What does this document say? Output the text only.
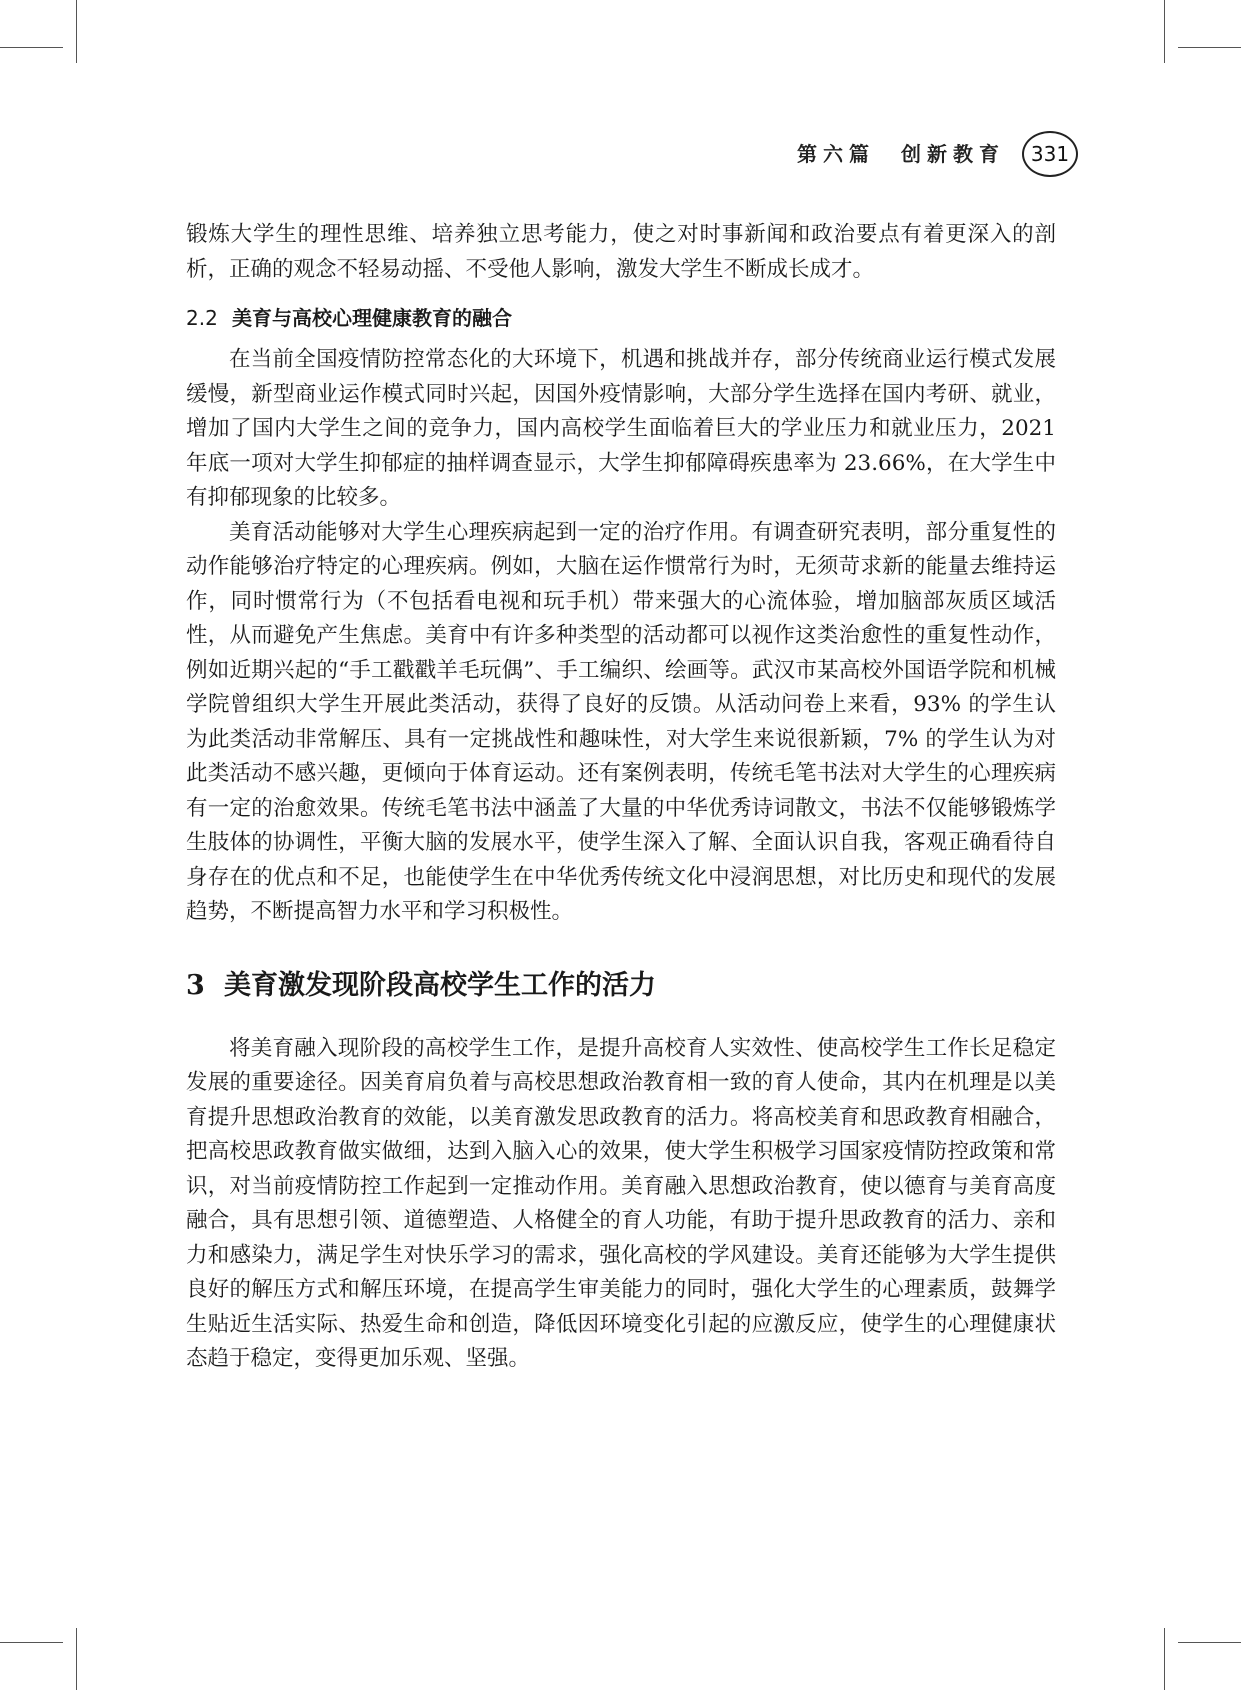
第六篇　创新教育	331

锻炼大学生的理性思维、培养独立思考能力，使之对时事新闻和政治要点有着更深入的剖析，正确的观念不轻易动摇、不受他人影响，激发大学生不断成长成才。

2.2 美育与高校心理健康教育的融合

在当前全国疫情防控常态化的大环境下，机遇和挑战并存，部分传统商业运行模式发展缓慢，新型商业运作模式同时兴起，因国外疫情影响，大部分学生选择在国内考研、就业，增加了国内大学生之间的竞争力，国内高校学生面临着巨大的学业压力和就业压力，2021年底一项对大学生抑郁症的抽样调查显示，大学生抑郁障碍疾患率为 23.66%，在大学生中有抑郁现象的比较多。

美育活动能够对大学生心理疾病起到一定的治疗作用。有调查研究表明，部分重复性的动作能够治疗特定的心理疾病。例如，大脑在运作惯常行为时，无须苛求新的能量去维持运作，同时惯常行为（不包括看电视和玩手机）带来强大的心流体验，增加脑部灰质区域活性，从而避免产生焦虑。美育中有许多种类型的活动都可以视作这类治愈性的重复性动作，例如近期兴起的“手工戳戳羊毛玩偶”、手工编织、绘画等。武汉市某高校外国语学院和机械学院曾组织大学生开展此类活动，获得了良好的反馈。从活动问卷上来看，93% 的学生认为此类活动非常解压、具有一定挑战性和趣味性，对大学生来说很新颖，7% 的学生认为对此类活动不感兴趣，更倾向于体育运动。还有案例表明，传统毛笔书法对大学生的心理疾病有一定的治愈效果。传统毛笔书法中涵盖了大量的中华优秀诗词散文，书法不仅能够锻炼学生肢体的协调性，平衡大脑的发展水平，使学生深入了解、全面认识自我，客观正确看待自身存在的优点和不足，也能使学生在中华优秀传统文化中浸润思想，对比历史和现代的发展趋势，不断提高智力水平和学习积极性。

3 美育激发现阶段高校学生工作的活力

将美育融入现阶段的高校学生工作，是提升高校育人实效性、使高校学生工作长足稳定发展的重要途径。因美育肩负着与高校思想政治教育相一致的育人使命，其内在机理是以美育提升思想政治教育的效能，以美育激发思政教育的活力。将高校美育和思政教育相融合，把高校思政教育做实做细，达到入脑入心的效果，使大学生积极学习国家疫情防控政策和常识，对当前疫情防控工作起到一定推动作用。美育融入思想政治教育，使以德育与美育高度融合，具有思想引领、道德塑造、人格健全的育人功能，有助于提升思政教育的活力、亲和力和感染力，满足学生对快乐学习的需求，强化高校的学风建设。美育还能够为大学生提供良好的解压方式和解压环境，在提高学生审美能力的同时，强化大学生的心理素质，鼓舞学生贴近生活实际、热爱生命和创造，降低因环境变化引起的应激反应，使学生的心理健康状态趋于稳定，变得更加乐观、坚强。
